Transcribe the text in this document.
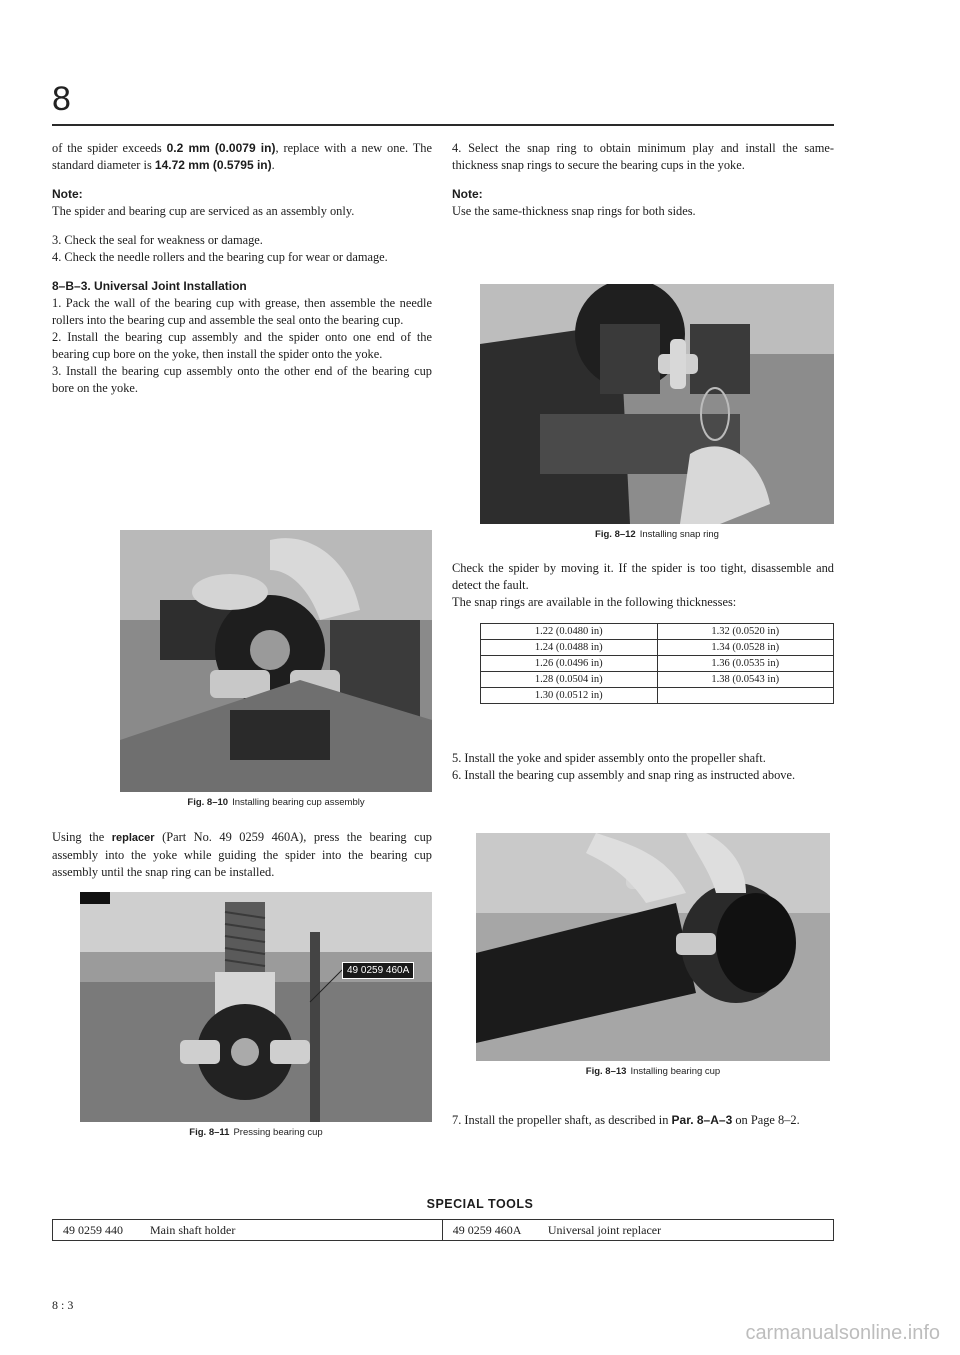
8

of the spider exceeds 0.2 mm (0.0079 in), replace with a new one. The standard diameter is 14.72 mm (0.5795 in).

Note:

The spider and bearing cup are serviced as an assembly only.

3. Check the seal for weakness or damage.

4. Check the needle rollers and the bearing cup for wear or damage.

8–B–3. Universal Joint Installation

1. Pack the wall of the bearing cup with grease, then assemble the needle rollers into the bearing cup and assemble the seal onto the bearing cup.

2. Install the bearing cup assembly and the spider onto one end of the bearing cup bore on the yoke, then install the spider onto the yoke.

3. Install the bearing cup assembly onto the other end of the bearing cup bore on the yoke.

Fig. 8–10 Installing bearing cup assembly

Using the replacer (Part No. 49 0259 460A), press the bearing cup assembly into the yoke while guiding the spider into the bearing cup assembly until the snap ring can be installed.

49 0259 460A
Fig. 8–11 Pressing bearing cup

4. Select the snap ring to obtain minimum play and install the same-thickness snap rings to secure the bearing cups in the yoke.

Note:

Use the same-thickness snap rings for both sides.

Fig. 8–12 Installing snap ring

Check the spider by moving it. If the spider is too tight, disassemble and detect the fault.

The snap rings are available in the following thicknesses:

1.22 (0.0480 in)	1.32 (0.0520 in)
1.24 (0.0488 in)	1.34 (0.0528 in)
1.26 (0.0496 in)	1.36 (0.0535 in)
1.28 (0.0504 in)	1.38 (0.0543 in)
1.30 (0.0512 in)	

5. Install the yoke and spider assembly onto the propeller shaft.

6. Install the bearing cup assembly and snap ring as instructed above.

Fig. 8–13 Installing bearing cup

7. Install the propeller shaft, as described in Par. 8–A–3 on Page 8–2.

SPECIAL TOOLS
49 0259 440 Main shaft holder	49 0259 460A Universal joint replacer
8 : 3
carmanualsonline.info
